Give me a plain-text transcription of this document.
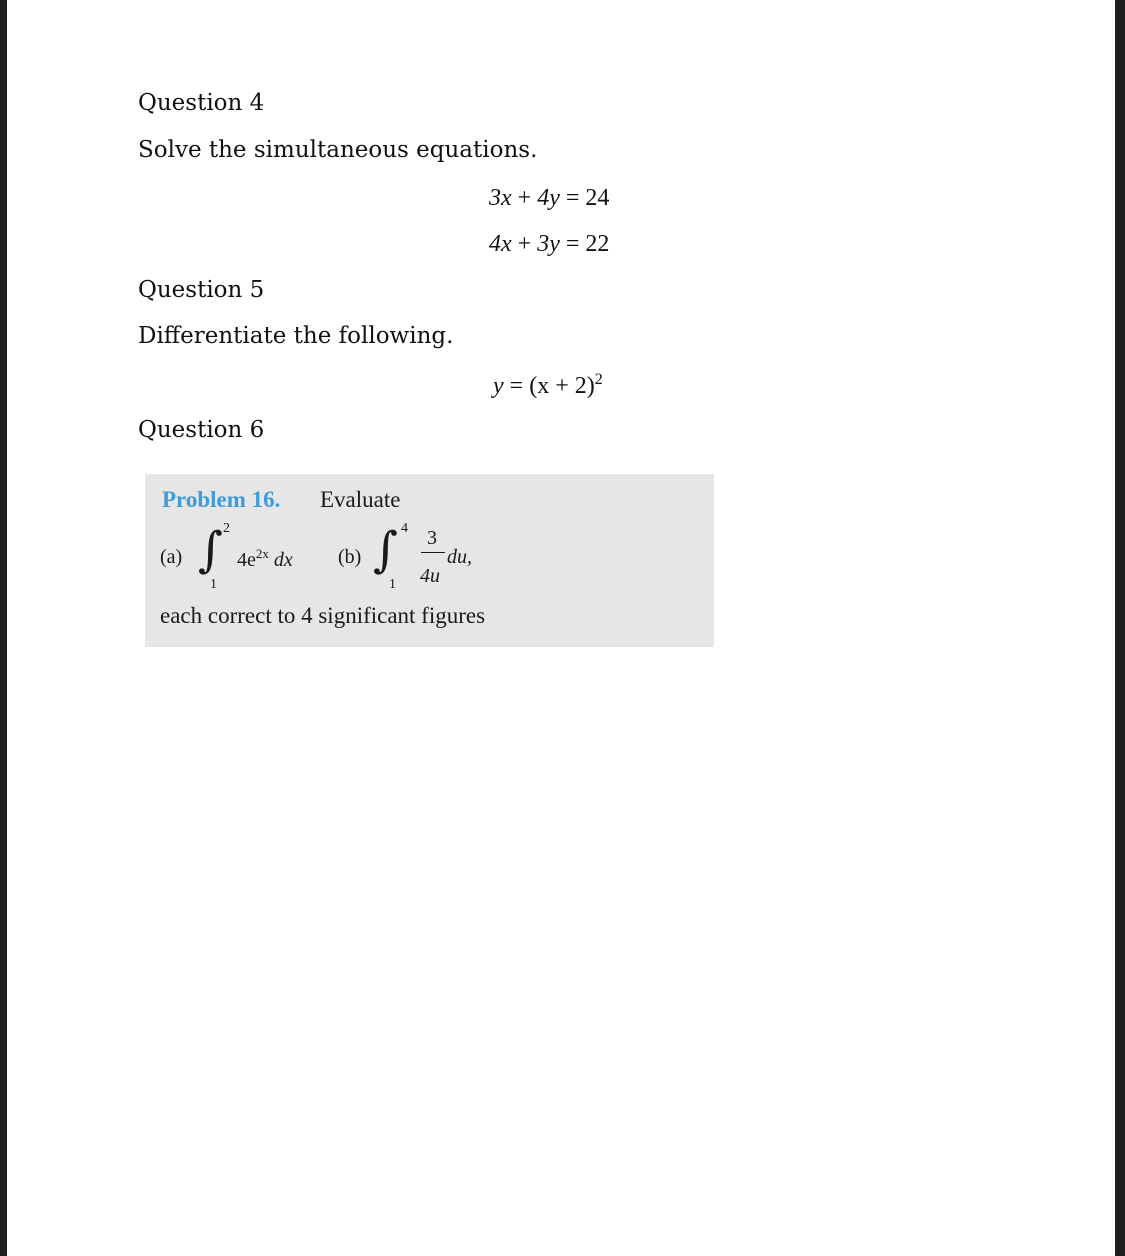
Question 4
Solve the simultaneous equations.
3x + 4y = 24
4x + 3y = 22
Question 5
Differentiate the following.
$y = (x + 2)^2$
Question 6
Problem 16. Evaluate
(a) ∫ 2
1
$4e^{2x}$ dx (b) ∫ 4
1
3
4u
du,
each correct to 4 significant figures
